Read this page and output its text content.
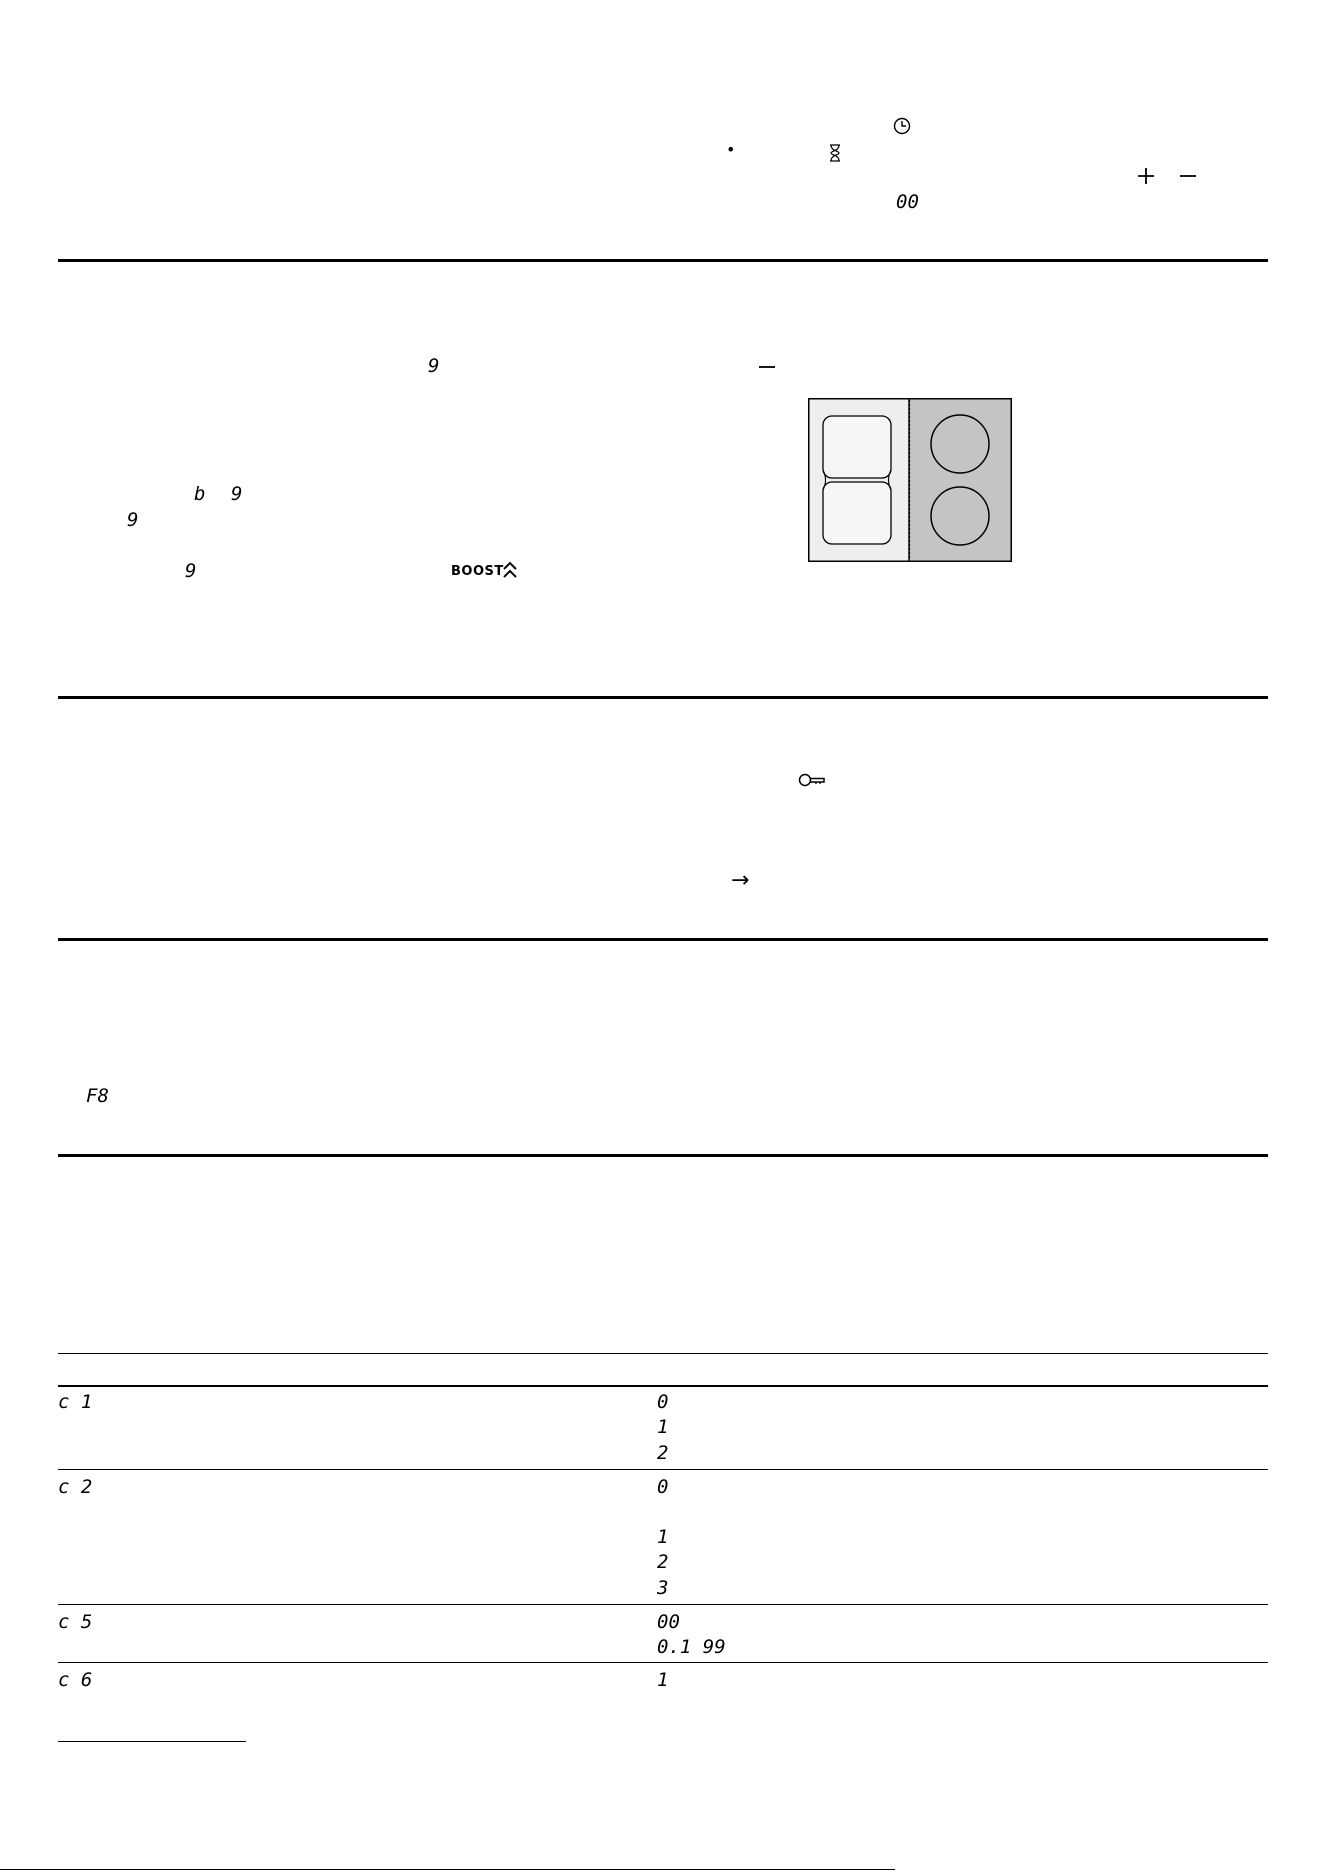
•
00
9
b 9
9
9	BOOST
→
F8
c 1	0
1
2
c 2	0
1
2
3
c 5	00
0.1 99
c 6	1
